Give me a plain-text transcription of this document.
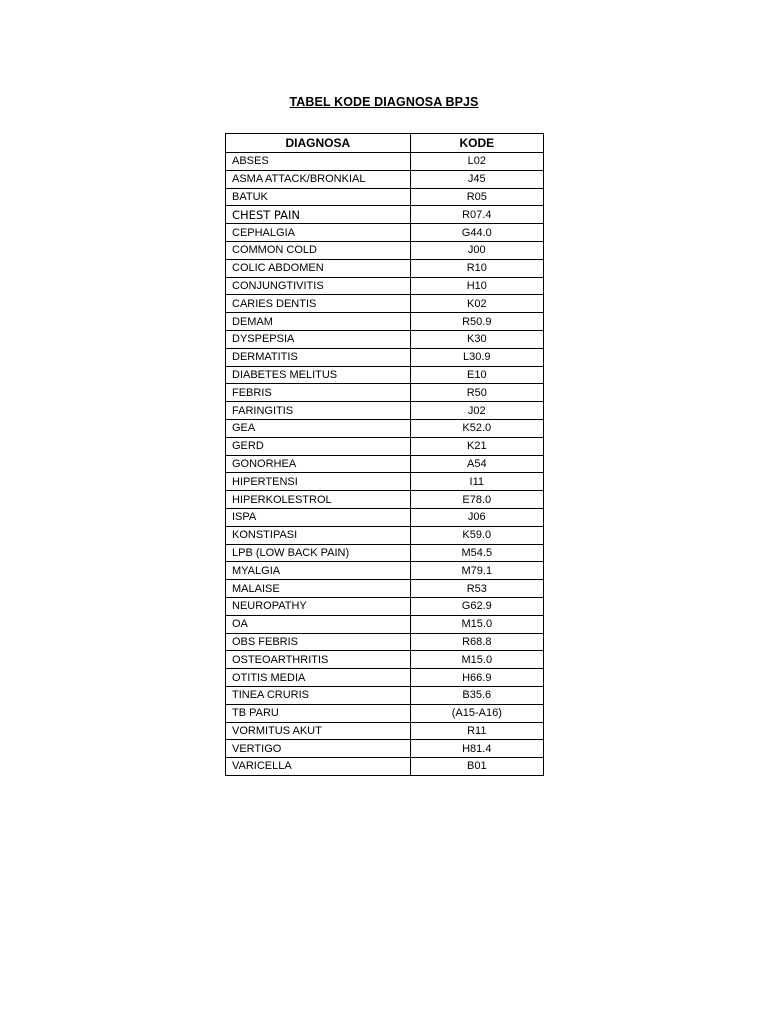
TABEL KODE DIAGNOSA BPJS
DIAGNOSA	KODE
ABSES	L02
ASMA ATTACK/BRONKIAL	J45
BATUK	R05
CHEST PAIN	R07.4
CEPHALGIA	G44.0
COMMON COLD	J00
COLIC ABDOMEN	R10
CONJUNGTIVITIS	H10
CARIES DENTIS	K02
DEMAM	R50.9
DYSPEPSIA	K30
DERMATITIS	L30.9
DIABETES MELITUS	E10
FEBRIS	R50
FARINGITIS	J02
GEA	K52.0
GERD	K21
GONORHEA	A54
HIPERTENSI	I11
HIPERKOLESTROL	E78.0
ISPA	J06
KONSTIPASI	K59.0
LPB (LOW BACK PAIN)	M54.5
MYALGIA	M79.1
MALAISE	R53
NEUROPATHY	G62.9
OA	M15.0
OBS FEBRIS	R68.8
OSTEOARTHRITIS	M15.0
OTITIS MEDIA	H66.9
TINEA CRURIS	B35.6
TB PARU	(A15-A16)
VORMITUS AKUT	R11
VERTIGO	H81.4
VARICELLA	B01
